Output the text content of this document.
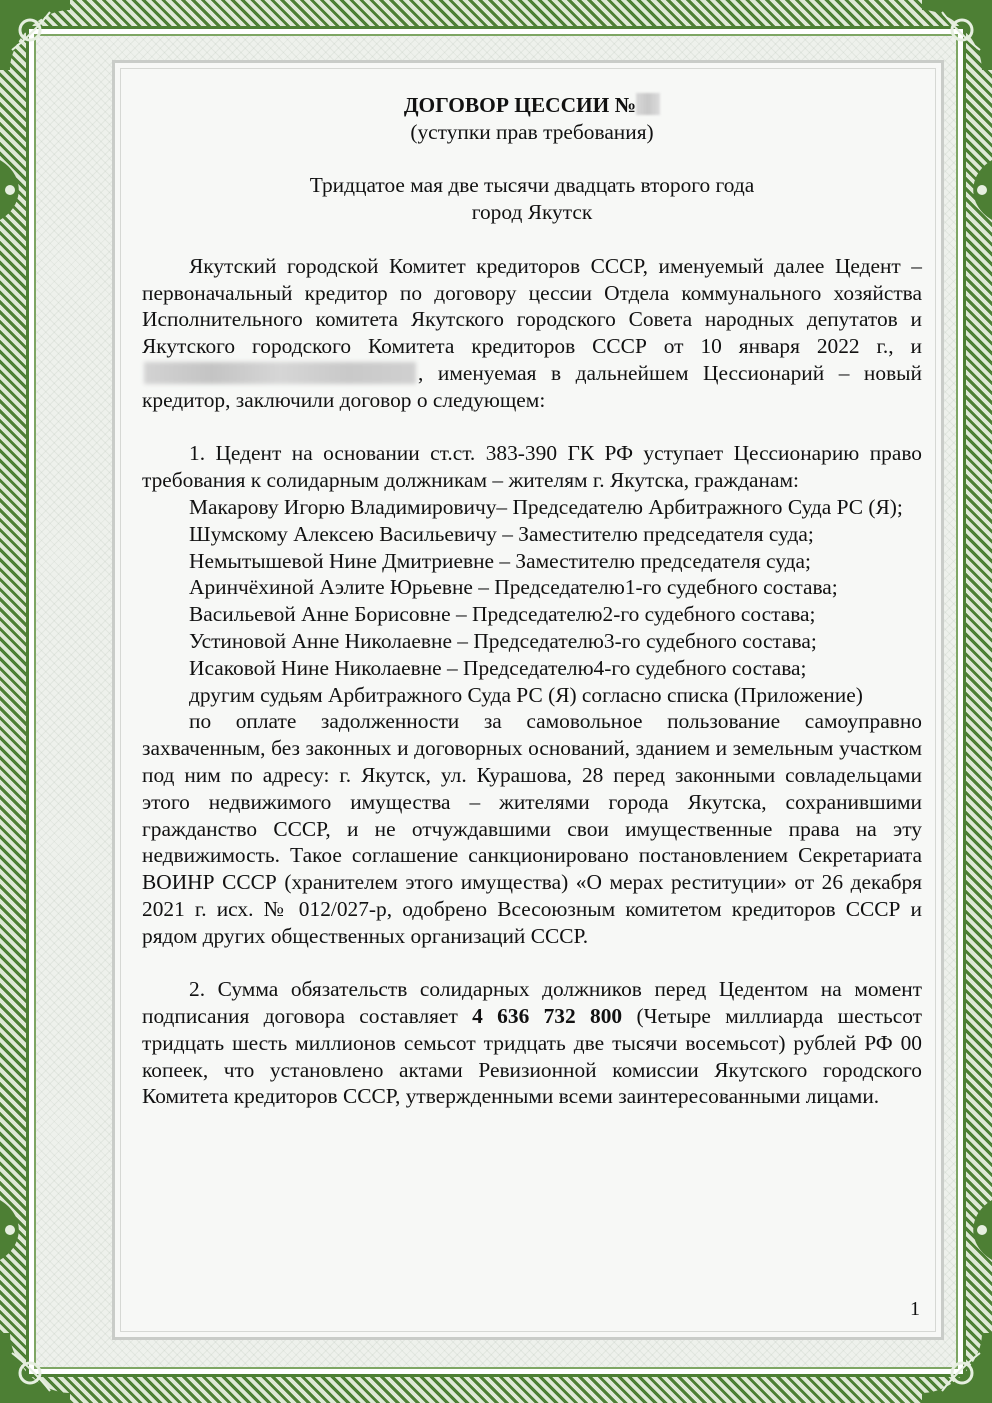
ДОГОВОР ЦЕССИИ №
(уступки прав требования)
Тридцатое мая две тысячи двадцать второго года
город Якутск

Якутский городской Комитет кредиторов СССР, именуемый далее Цедент – первоначальный кредитор по договору цессии Отдела коммунального хозяйства Исполнительного комитета Якутского городского Совета народных депутатов и Якутского городского Комитета кредиторов СССР от 10 января 2022 г., и, именуемая в дальнейшем Цессионарий – новый кредитор, заключили договор о следующем:

1. Цедент на основании ст.ст. 383-390 ГК РФ уступает Цессионарию право требования к солидарным должникам – жителям г. Якутска, гражданам:

Макарову Игорю Владимировичу– Председателю Арбитражного Суда РС (Я);

Шумскому Алексею Васильевичу – Заместителю председателя суда;

Немытышевой Нине Дмитриевне – Заместителю председателя суда;

Аринчёхиной Аэлите Юрьевне – Председателю1-го судебного состава;

Васильевой Анне Борисовне – Председателю2-го судебного состава;

Устиновой Анне Николаевне – Председателю3-го судебного состава;

Исаковой Нине Николаевне – Председателю4-го судебного состава;

другим судьям Арбитражного Суда РС (Я) согласно списка (Приложение)

по оплате задолженности за самовольное пользование самоуправно захваченным, без законных и договорных оснований, зданием и земельным участком под ним по адресу: г. Якутск, ул. Курашова, 28 перед законными совладельцами этого недвижимого имущества – жителями города Якутска, сохранившими гражданство СССР, и не отчуждавшими свои имущественные права на эту недвижимость. Такое соглашение санкционировано постановлением Секретариата ВОИНР СССР (хранителем этого имущества) «О мерах реституции» от 26 декабря 2021 г. исх. № 012/027-р, одобрено Всесоюзным комитетом кредиторов СССР и рядом других общественных организаций СССР.

2. Сумма обязательств солидарных должников перед Цедентом на момент подписания договора составляет 4 636 732 800 (Четыре миллиарда шестьсот тридцать шесть миллионов семьсот тридцать две тысячи восемьсот) рублей РФ 00 копеек, что установлено актами Ревизионной комиссии Якутского городского Комитета кредиторов СССР, утвержденными всеми заинтересованными лицами.

1
